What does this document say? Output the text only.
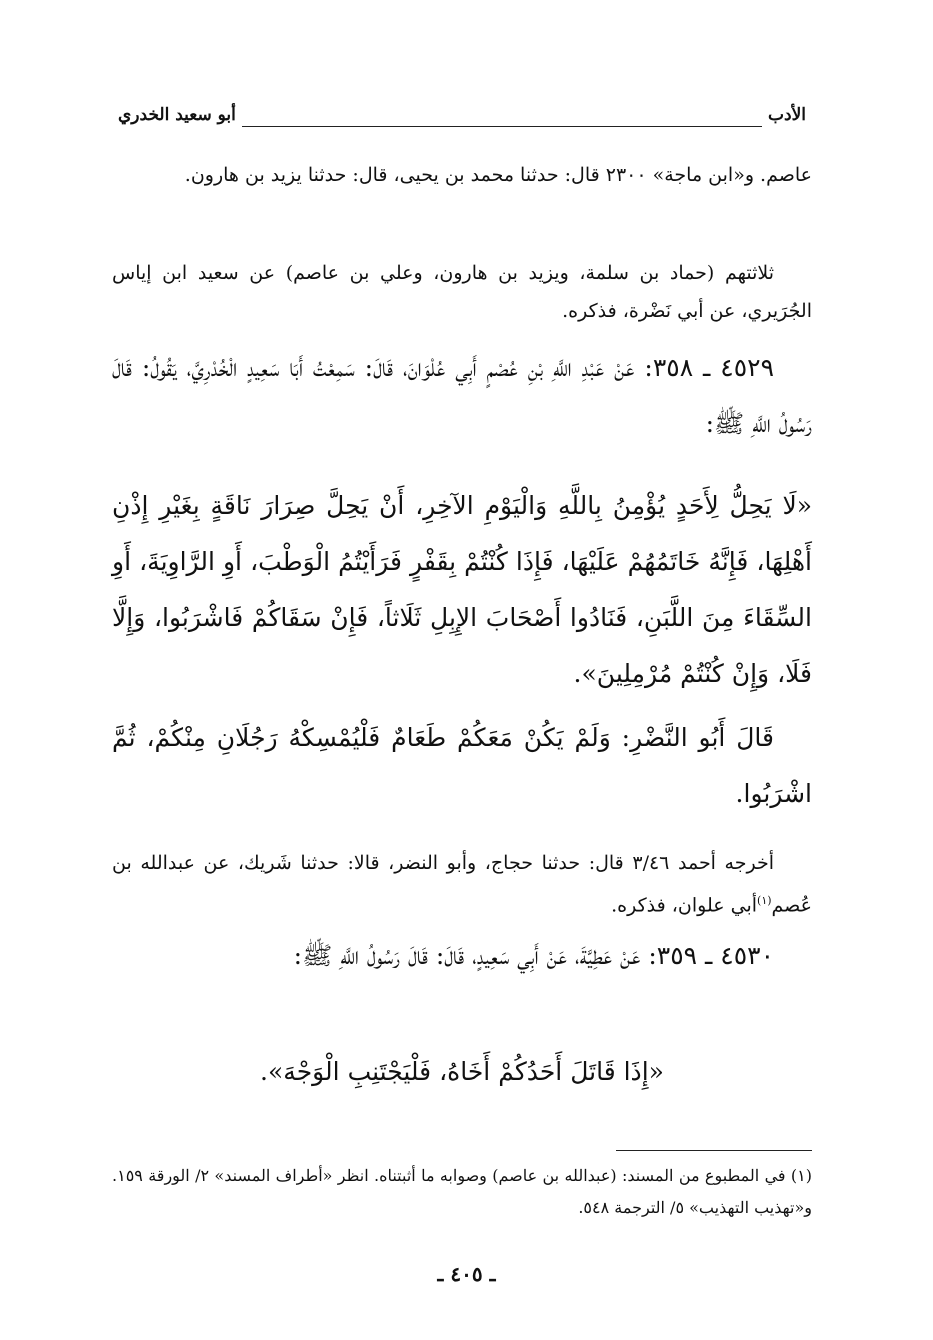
الأدب
أبو سعيد الخدري
عاصم. و«ابن ماجة» ٢٣٠٠ قال: حدثنا محمد بن يحيى، قال: حدثنا يزيد بن هارون.
ثلاثتهم (حماد بن سلمة، ويزيد بن هارون، وعلي بن عاصم) عن سعيد ابن إياس الجُرَيري، عن أبي نَضْرة، فذكره.
٤٥٢٩ ـ ٣٥٨: عَنْ عَبْدِ اللَّهِ بْنِ عُصْمٍ أَبِي عُلْوَانَ، قَالَ: سَمِعْتُ أَبَا سَعِيدٍ الْخُدْرِيَّ، يَقُولُ: قَالَ رَسُولُ اللَّهِ ﷺ:
«لَا يَحِلُّ لِأَحَدٍ يُؤْمِنُ بِاللَّهِ وَالْيَوْمِ الآخِرِ، أَنْ يَحِلَّ صِرَارَ نَاقَةٍ بِغَيْرِ إِذْنِ أَهْلِهَا، فَإِنَّهُ خَاتَمُهُمْ عَلَيْهَا، فَإِذَا كُنْتُمْ بِقَفْرٍ فَرَأَيْتُمُ الْوَطْبَ، أَوِ الرَّاوِيَةَ، أَوِ السِّقَاءَ مِنَ اللَّبَنِ، فَنَادُوا أَصْحَابَ الإِبِلِ ثَلَاثاً، فَإِنْ سَقَاكُمْ فَاشْرَبُوا، وَإِلَّا فَلَا، وَإِنْ كُنْتُمْ مُرْمِلِينَ».
قَالَ أَبُو النَّضْرِ: وَلَمْ يَكُنْ مَعَكُمْ طَعَامٌ فَلْيُمْسِكْهُ رَجُلَانِ مِنْكُمْ، ثُمَّ اشْرَبُوا.
أخرجه أحمد ٣/٤٦ قال: حدثنا حجاج، وأبو النضر، قالا: حدثنا شَريك، عن عبدالله بن عُصم$^{(١)}$أبي علوان، فذكره.
٤٥٣٠ ـ ٣٥٩: عَنْ عَطِيَّةَ، عَنْ أَبِي سَعِيدٍ، قَالَ: قَالَ رَسُولُ اللَّهِ ﷺ:
«إِذَا قَاتَلَ أَحَدُكُمْ أَخَاهُ، فَلْيَجْتَنِبِ الْوَجْهَ».
(١) في المطبوع من المسند: (عبدالله بن عاصم) وصوابه ما أثبتناه. انظر «أطراف المسند» ٢/ الورقة ١٥٩. و«تهذيب التهذيب» ٥/ الترجمة ٥٤٨.
ـ ٤٠٥ ـ
